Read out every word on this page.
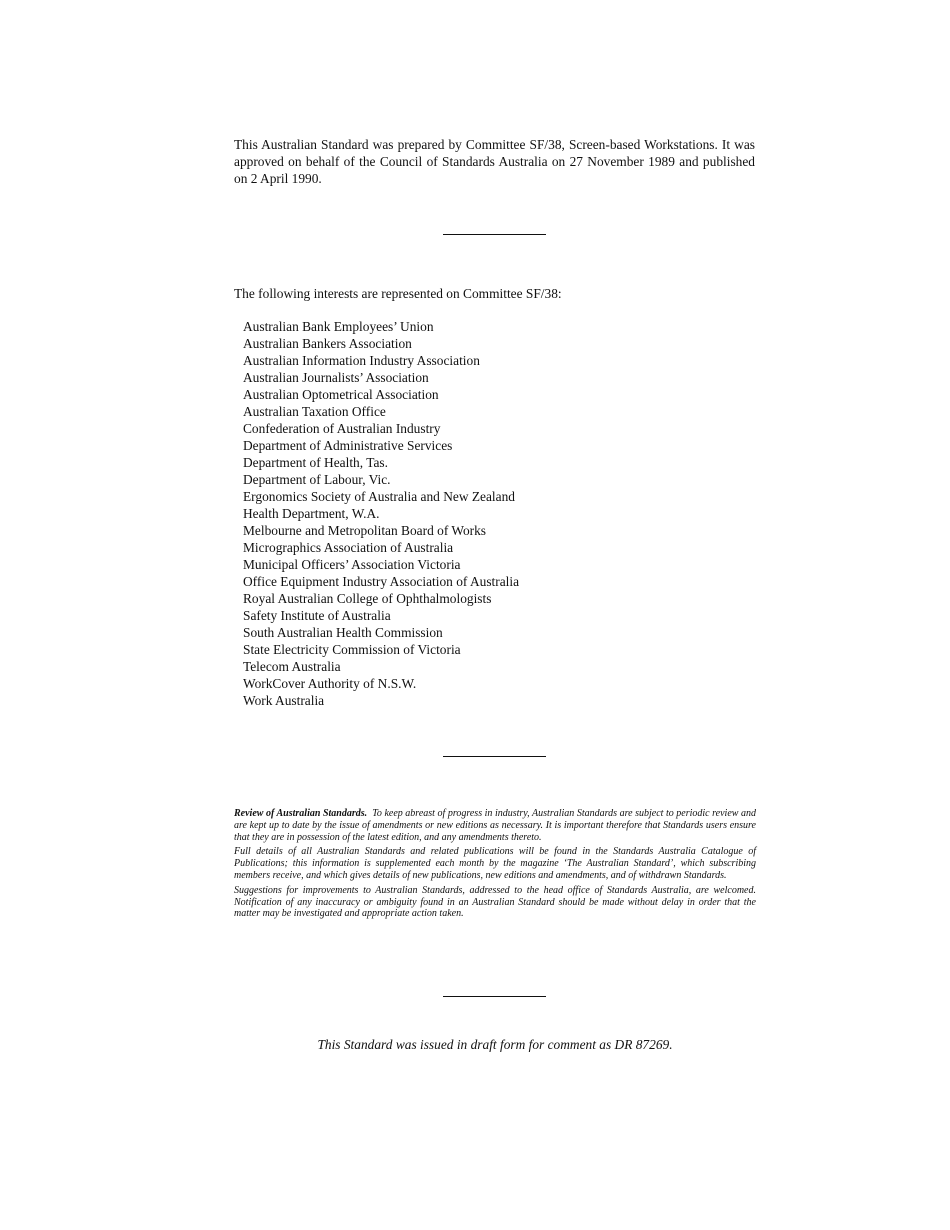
This Australian Standard was prepared by Committee SF/38, Screen-based Workstations. It was approved on behalf of the Council of Standards Australia on 27 November 1989 and published on 2 April 1990.

The following interests are represented on Committee SF/38:

Australian Bank Employees’ Union
Australian Bankers Association
Australian Information Industry Association
Australian Journalists’ Association
Australian Optometrical Association
Australian Taxation Office
Confederation of Australian Industry
Department of Administrative Services
Department of Health, Tas.
Department of Labour, Vic.
Ergonomics Society of Australia and New Zealand
Health Department, W.A.
Melbourne and Metropolitan Board of Works
Micrographics Association of Australia
Municipal Officers’ Association Victoria
Office Equipment Industry Association of Australia
Royal Australian College of Ophthalmologists
Safety Institute of Australia
South Australian Health Commission
State Electricity Commission of Victoria
Telecom Australia
WorkCover Authority of N.S.W.
Work Australia

Review of Australian Standards. To keep abreast of progress in industry, Australian Standards are subject to periodic review and are kept up to date by the issue of amendments or new editions as necessary. It is important therefore that Standards users ensure that they are in possession of the latest edition, and any amendments thereto.

Full details of all Australian Standards and related publications will be found in the Standards Australia Catalogue of Publications; this information is supplemented each month by the magazine ‘The Australian Standard’, which subscribing members receive, and which gives details of new publications, new editions and amendments, and of withdrawn Standards.

Suggestions for improvements to Australian Standards, addressed to the head office of Standards Australia, are welcomed. Notification of any inaccuracy or ambiguity found in an Australian Standard should be made without delay in order that the matter may be investigated and appropriate action taken.

This Standard was issued in draft form for comment as DR 87269.
